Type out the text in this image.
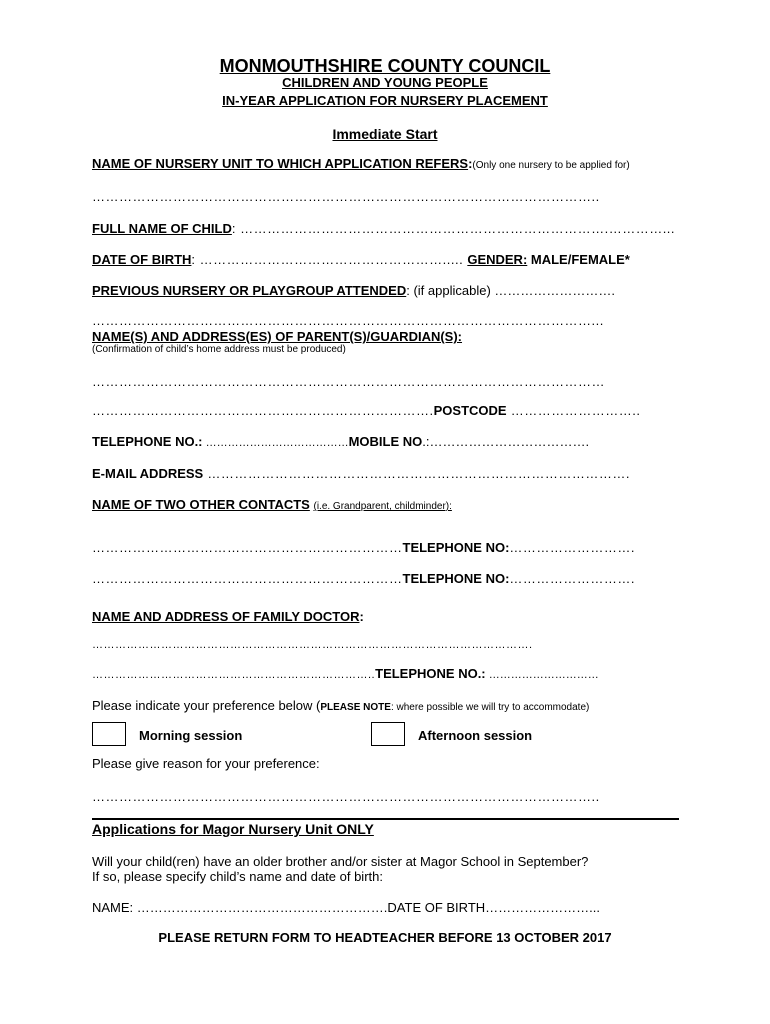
MONMOUTHSHIRE COUNTY COUNCIL
CHILDREN AND YOUNG PEOPLE
IN-YEAR APPLICATION FOR NURSERY PLACEMENT
Immediate Start
NAME OF NURSERY UNIT TO WHICH APPLICATION REFERS:(Only one nursery to be applied for)
…………………………………………………………………………………………………..
FULL NAME OF CHILD: ……………………………………………………………………….…………...
DATE OF BIRTH: ………………………………………………..... GENDER: MALE/FEMALE*
PREVIOUS NURSERY OR PLAYGROUP ATTENDED: (if applicable) ……………………….
…………………………………………………………………………………………………...
NAME(S) AND ADDRESS(ES) OF PARENT(S)/GUARDIAN(S):
(Confirmation of child’s home address must be produced)
……………………………………………………………………………………………………
………………………………………………………………….POSTCODE ………………………..
TELEPHONE NO.: …………………………………MOBILE NO.:……………………………….
E-MAIL ADDRESS ………………………………………………………………………………….
NAME OF TWO OTHER CONTACTS (i.e. Grandparent, childminder):
……………………………………………………………TELEPHONE NO:……………………….
……………………………………………………………TELEPHONE NO:……………………….
NAME AND ADDRESS OF FAMILY DOCTOR:
…………………………………………………………………………………………………….
………………………………………………………………..TELEPHONE NO.: …………………………
Please indicate your preference below (PLEASE NOTE: where possible we will try to accommodate)
Morning session	Afternoon session
Please give reason for your preference:
…………………………………………………………………………………………………..
Applications for Magor Nursery Unit ONLY
Will your child(ren) have an older brother and/or sister at Magor School in September?
If so, please specify child’s name and date of birth:
NAME: ………………………………………………….DATE OF BIRTH……………………...
PLEASE RETURN FORM TO HEADTEACHER BEFORE 13 OCTOBER 2017
